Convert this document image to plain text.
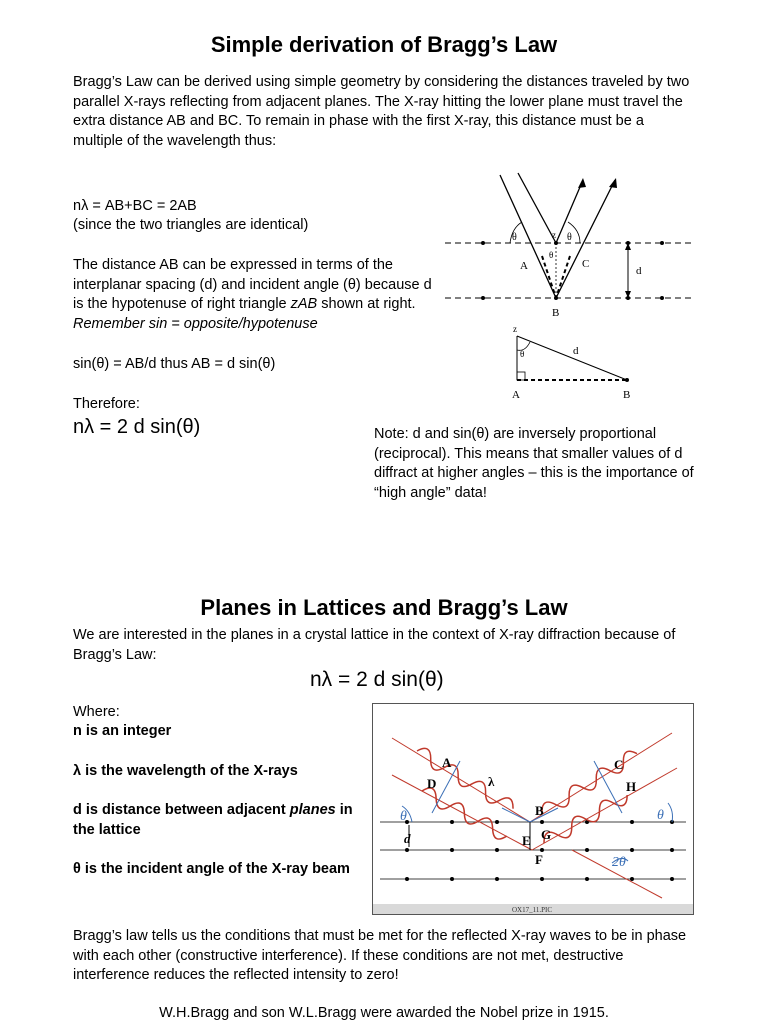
Simple derivation of Bragg’s Law
Bragg’s Law can be derived using simple geometry by considering the distances traveled by two parallel X-rays reflecting from adjacent planes. The X-ray hitting the lower plane must travel the extra distance AB and BC. To remain in phase with the first X-ray, this distance must be a multiple of the wavelength thus:
nλ = AB+BC = 2AB
(since the two triangles are identical)
The distance AB can be expressed in terms of the interplanar spacing (d) and incident angle (θ) because d is the hypotenuse of right triangle zAB shown at right. Remember sin = opposite/hypotenuse
sin(θ) = AB/d thus AB = d sin(θ)
Therefore:
nλ = 2 d sin(θ)	Note: d and sin(θ) are inversely proportional (reciprocal). This means that smaller values of d diffract at higher angles – this is the importance of “high angle” data!
θ	θ
z
θ
A	C
d
B
z
θ	d
A	B
Planes in Lattices and Bragg’s Law
We are interested in the planes in a crystal lattice in the context of X-ray diffraction because of Bragg’s Law:
nλ = 2 d sin(θ)
Where:
n is an integer
λ is the wavelength of the X-rays
d is distance between adjacent planes in the lattice
θ is the incident angle of the X-ray beam
A
D
C
H
B
G
E
F
λ
d
θ	θ
2θ
OX17_11.PIC
Bragg’s law tells us the conditions that must be met for the reflected X-ray waves to be in phase with each other (constructive interference). If these conditions are not met, destructive interference reduces the reflected intensity to zero!
W.H.Bragg and son W.L.Bragg were awarded the Nobel prize in 1915.
